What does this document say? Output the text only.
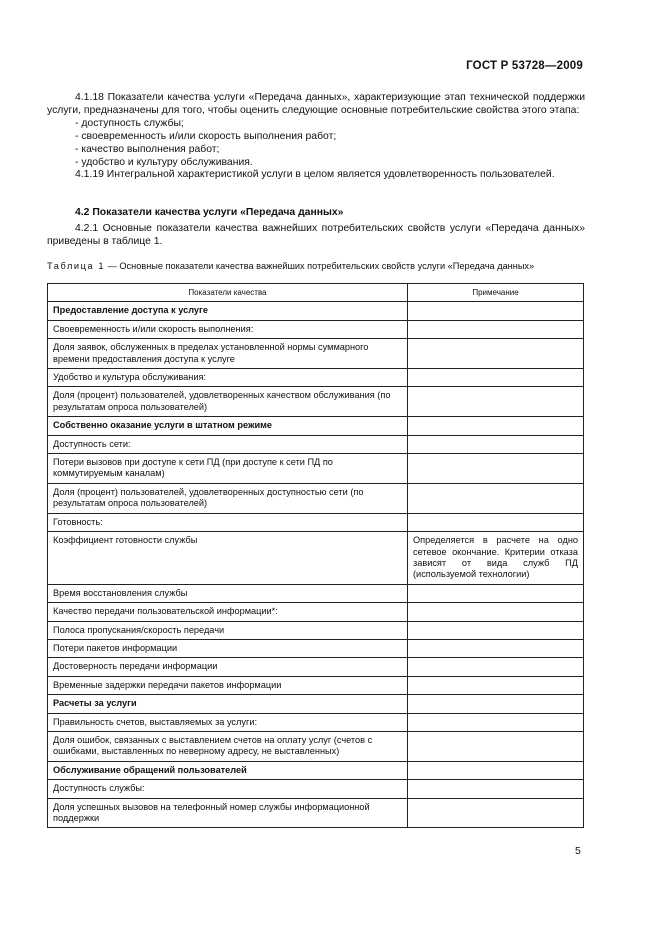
ГОСТ Р 53728—2009

4.1.18 Показатели качества услуги «Передача данных», характеризующие этап технической поддержки услуги, предназначены для того, чтобы оценить следующие основные потребительские свойства этого этапа:

- доступность службы;
- своевременность и/или скорость выполнения работ;
- качество выполнения работ;
- удобство и культуру обслуживания.

4.1.19 Интегральной характеристикой услуги в целом является удовлетворенность пользователей.

4.2 Показатели качества услуги «Передача данных»

4.2.1 Основные показатели качества важнейших потребительских свойств услуги «Передача данных» приведены в таблице 1.

Таблица 1 — Основные показатели качества важнейших потребительских свойств услуги «Передача данных»
Показатели качества	Примечание
Предоставление доступа к услуге	
Своевременность и/или скорость выполнения:	
Доля заявок, обслуженных в пределах установленной нормы суммарного времени предоставления доступа к услуге	
Удобство и культура обслуживания:	
Доля (процент) пользователей, удовлетворенных качеством обслуживания (по результатам опроса пользователей)	
Собственно оказание услуги в штатном режиме	
Доступность сети:	
Потери вызовов при доступе к сети ПД (при доступе к сети ПД по коммутируемым каналам)	
Доля (процент) пользователей, удовлетворенных доступностью сети (по результатам опроса пользователей)	
Готовность:	
Коэффициент готовности службы	Определяется в расчете на одно сетевое окончание. Критерии отказа зависят от вида служб ПД (используемой технологии)
Время восстановления службы	
Качество передачи пользовательской информации*:	
Полоса пропускания/скорость передачи	
Потери пакетов информации	
Достоверность передачи информации	
Временные задержки передачи пакетов информации	
Расчеты за услуги	
Правильность счетов, выставляемых за услуги:	
Доля ошибок, связанных с выставлением счетов на оплату услуг (счетов с ошибками, выставленных по неверному адресу, не выставленных)	
Обслуживание обращений пользователей	
Доступность службы:	
Доля успешных вызовов на телефонный номер службы информационной поддержки	
5
